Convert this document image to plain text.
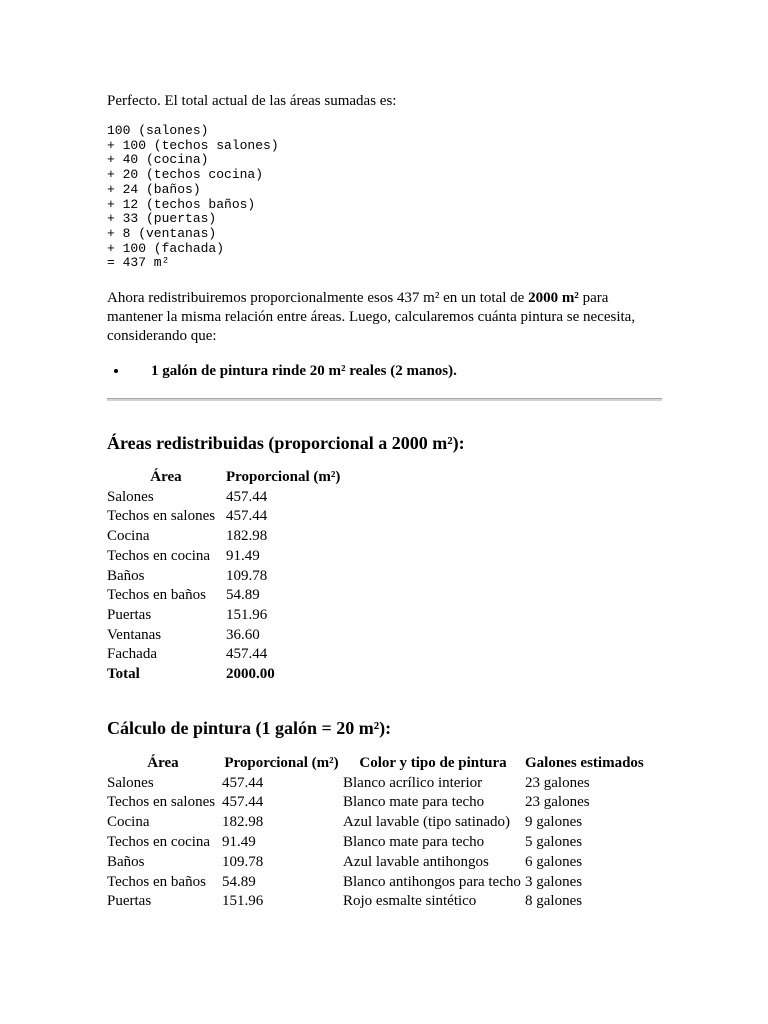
Perfecto. El total actual de las áreas sumadas es:

100 (salones)
+ 100 (techos salones)
+ 40 (cocina)
+ 20 (techos cocina)
+ 24 (baños)
+ 12 (techos baños)
+ 33 (puertas)
+ 8 (ventanas)
+ 100 (fachada)
= 437 m²

Ahora redistribuiremos proporcionalmente esos 437 m² en un total de 2000 m² para mantener la misma relación entre áreas. Luego, calcularemos cuánta pintura se necesita, considerando que:

• 1 galón de pintura rinde 20 m² reales (2 manos).
Áreas redistribuidas (proporcional a 2000 m²):
Área	Proporcional (m²)
Salones	457.44
Techos en salones	457.44
Cocina	182.98
Techos en cocina	91.49
Baños	109.78
Techos en baños	54.89
Puertas	151.96
Ventanas	36.60
Fachada	457.44
Total	2000.00
Cálculo de pintura (1 galón = 20 m²):
Área	Proporcional (m²)	Color y tipo de pintura	Galones estimados
Salones	457.44	Blanco acrílico interior	23 galones
Techos en salones	457.44	Blanco mate para techo	23 galones
Cocina	182.98	Azul lavable (tipo satinado)	9 galones
Techos en cocina	91.49	Blanco mate para techo	5 galones
Baños	109.78	Azul lavable antihongos	6 galones
Techos en baños	54.89	Blanco antihongos para techo	3 galones
Puertas	151.96	Rojo esmalte sintético	8 galones
